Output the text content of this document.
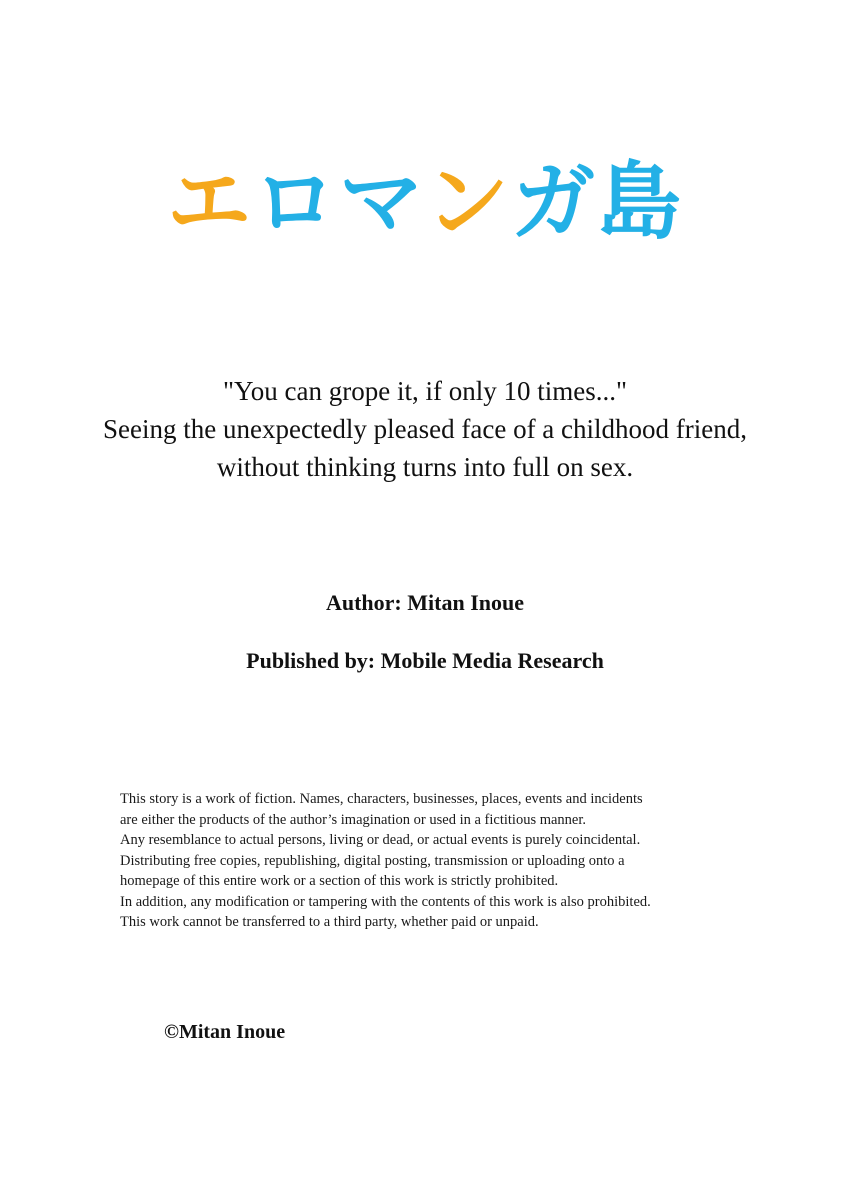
エロマンガ島
"You can grope it, if only 10 times..."
Seeing the unexpectedly pleased face of a childhood friend,
without thinking turns into full on sex.
Author: Mitan Inoue
Published by: Mobile Media Research

This story is a work of fiction. Names, characters, businesses, places, events and incidents

are either the products of the author’s imagination or used in a fictitious manner.

Any resemblance to actual persons, living or dead, or actual events is purely coincidental.

Distributing free copies, republishing, digital posting, transmission or uploading onto a

homepage of this entire work or a section of this work is strictly prohibited.

In addition, any modification or tampering with the contents of this work is also prohibited.

This work cannot be transferred to a third party, whether paid or unpaid.

©Mitan Inoue
